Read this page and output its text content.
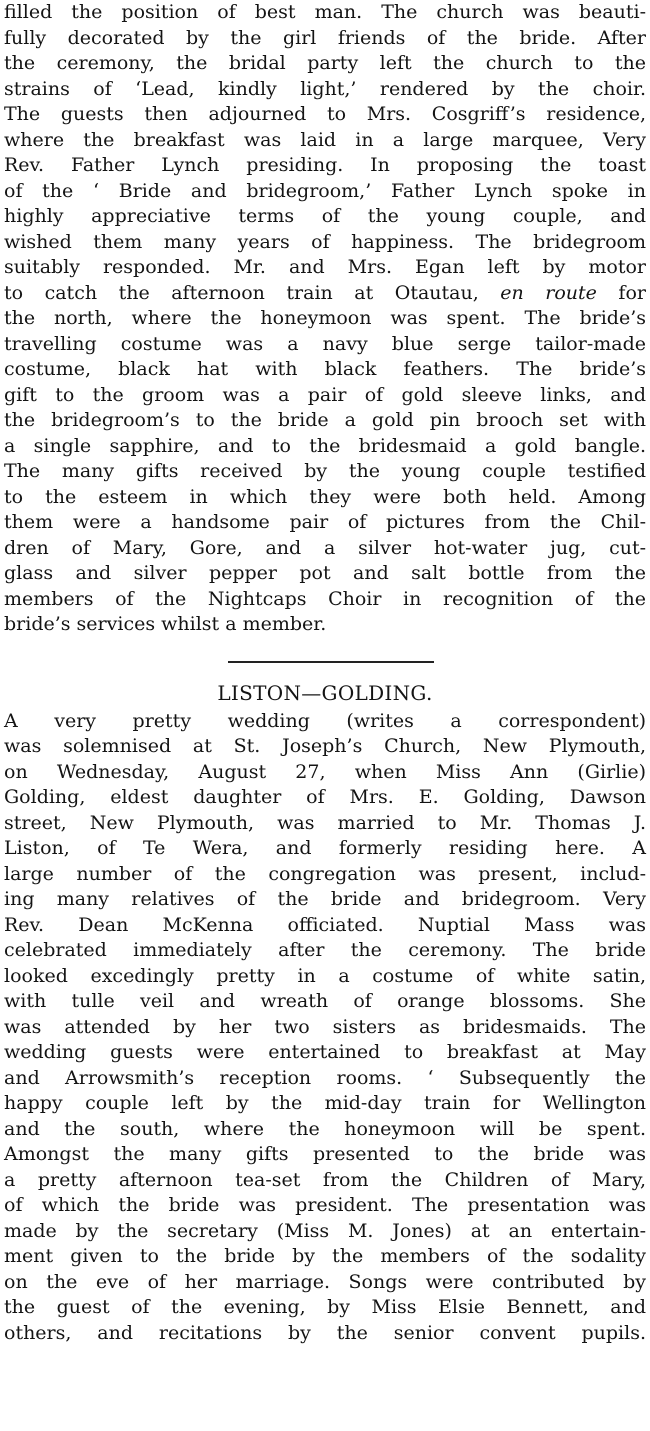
filled the position of best man. The church was beauti-
fully decorated by the girl friends of the bride. After
the ceremony, the bridal party left the church to the
strains of ‘Lead, kindly light,’ rendered by the choir.
The guests then adjourned to Mrs. Cosgriff’s residence,
where the breakfast was laid in a large marquee, Very
Rev. Father Lynch presiding. In proposing the toast
of the ‘ Bride and bridegroom,’ Father Lynch spoke in
highly appreciative terms of the young couple, and
wished them many years of happiness. The bridegroom
suitably responded. Mr. and Mrs. Egan left by motor
to catch the afternoon train at Otautau, en route for
the north, where the honeymoon was spent. The bride’s
travelling costume was a navy blue serge tailor-made
costume, black hat with black feathers. The bride’s
gift to the groom was a pair of gold sleeve links, and
the bridegroom’s to the bride a gold pin brooch set with
a single sapphire, and to the bridesmaid a gold bangle.
The many gifts received by the young couple testified
to the esteem in which they were both held. Among
them were a handsome pair of pictures from the Chil-
dren of Mary, Gore, and a silver hot-water jug, cut-
glass and silver pepper pot and salt bottle from the
members of the Nightcaps Choir in recognition of the
bride’s services whilst a member.
LISTON—GOLDING.
A very pretty wedding (writes a correspondent)
was solemnised at St. Joseph’s Church, New Plymouth,
on Wednesday, August 27, when Miss Ann (Girlie)
Golding, eldest daughter of Mrs. E. Golding, Dawson
street, New Plymouth, was married to Mr. Thomas J.
Liston, of Te Wera, and formerly residing here. A
large number of the congregation was present, includ-
ing many relatives of the bride and bridegroom. Very
Rev. Dean McKenna officiated. Nuptial Mass was
celebrated immediately after the ceremony. The bride
looked excedingly pretty in a costume of white satin,
with tulle veil and wreath of orange blossoms. She
was attended by her two sisters as bridesmaids. The
wedding guests were entertained to breakfast at May
and Arrowsmith’s reception rooms. ‘ Subsequently the
happy couple left by the mid-day train for Wellington
and the south, where the honeymoon will be spent.
Amongst the many gifts presented to the bride was
a pretty afternoon tea-set from the Children of Mary,
of which the bride was president. The presentation was
made by the secretary (Miss M. Jones) at an entertain-
ment given to the bride by the members of the sodality
on the eve of her marriage. Songs were contributed by
the guest of the evening, by Miss Elsie Bennett, and
others, and recitations by the senior convent pupils.
